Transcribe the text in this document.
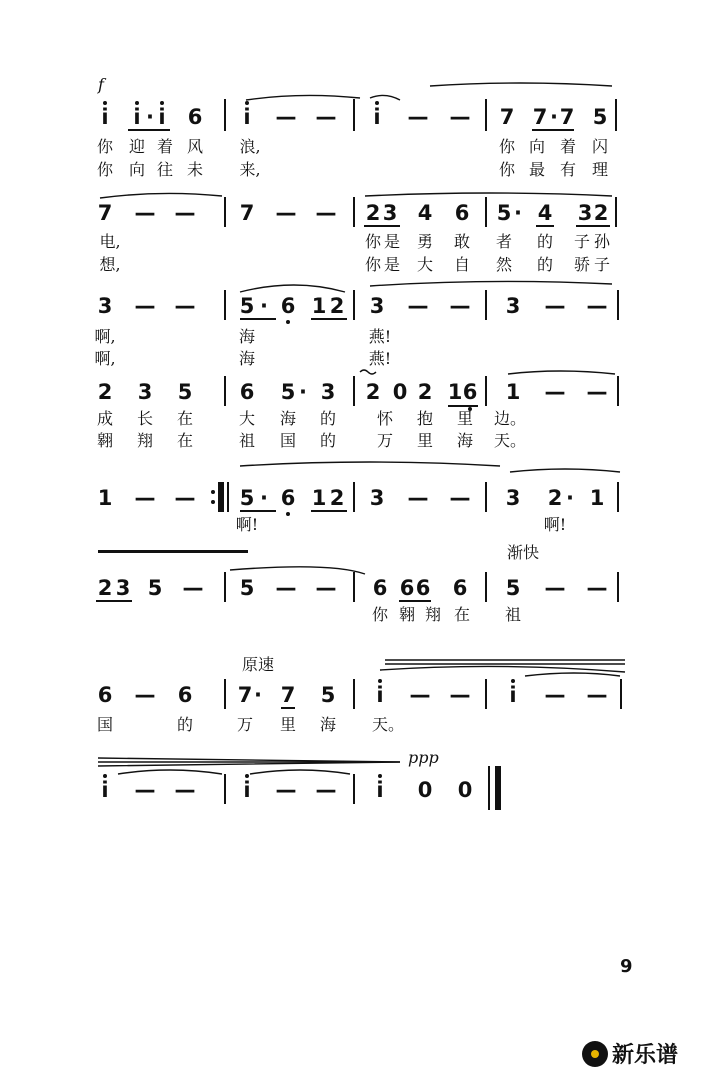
f
i i · i 6 i — — i — — 7 7 · 7 5
你 迎 着 风 浪,	你 向 着 闪
你 向 往 未 来,	你 最 有 理
7 — — 7 — — 2 3 4 6 5 · 4 3 2
电,	你 是 勇 敢 者 的 子 孙
想,	你 是 大 自 然 的 骄 子
3 — — 5 · 6 1 2 3 — — 3 — —
啊,	海	燕!
啊,	海	燕!
2 3 5 6 5 · 3 2 0 2 1 6 1 — —
成 长 在	大 海 的	怀 抱 里 边。
翱 翔 在	祖 国 的	万 里 海 天。
1 — — 5 · 6 1 2 3 — — 3 2 · 1
啊!	啊!
渐快
2 3 5 — 5 — — 6 6 6 6 5 — —
你 翱 翔 在 祖
原速
6 — 6 7 · 7 5 i — — i — —
国	的	万 里 海 天。
ppp
i — — i — — i 0 0
9
新乐谱
